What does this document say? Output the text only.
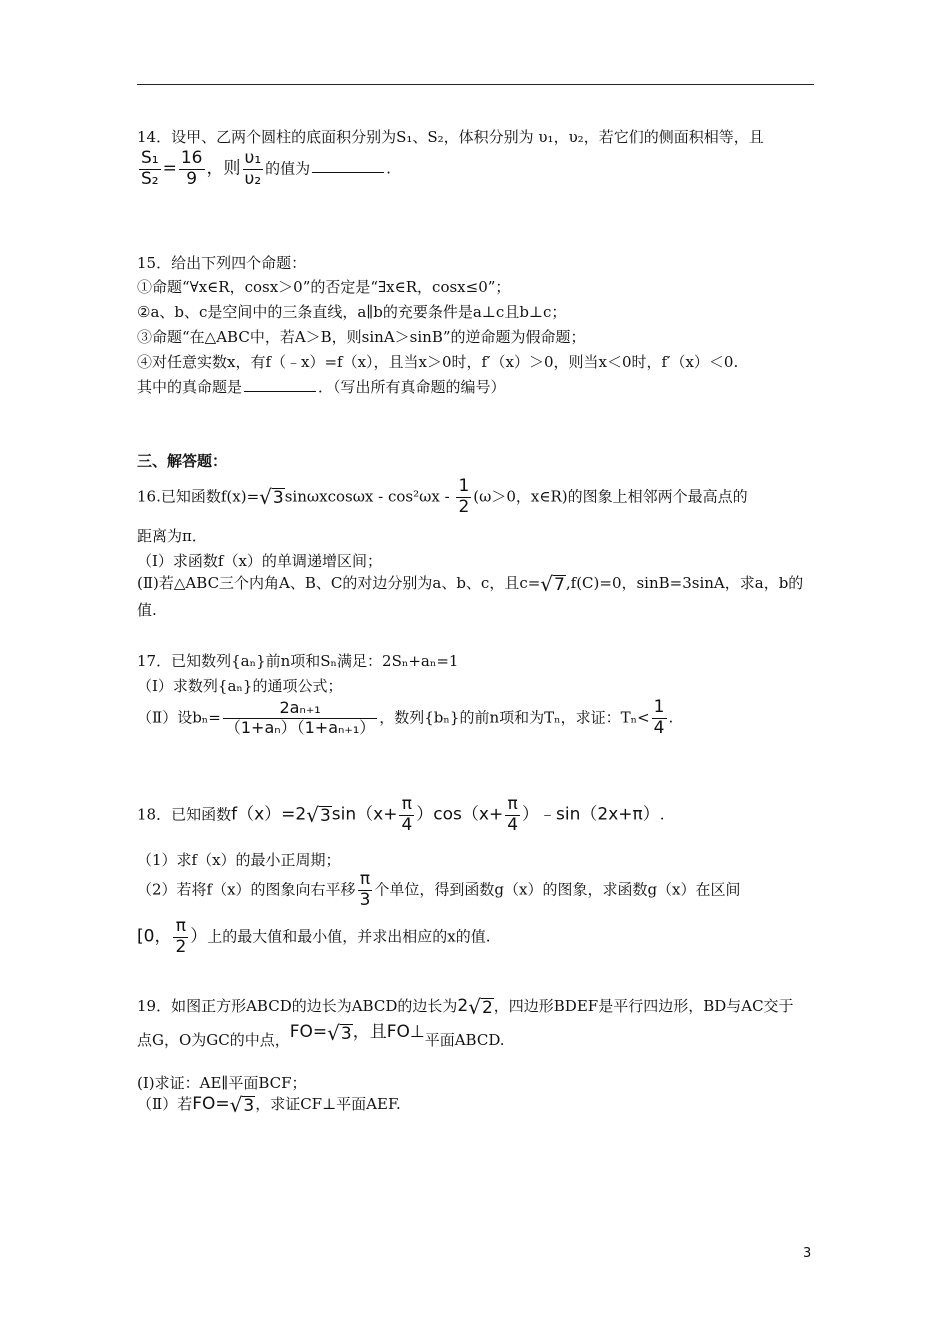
14．设甲、乙两个圆柱的底面积分别为S₁、S₂，体积分别为 υ₁，υ₂，若它们的侧面积相等，且
$\frac{\text{S₁}}{\text{S₂}} = \frac{16}{9}$ ，则 $\frac{\text{υ₁}}{\text{υ₂}}$ 的值为	.
15．给出下列四个命题：
①命题“∀x∈R，cosx＞0”的否定是“∃x∈R，cosx≤0”；
②a、b、c是空间中的三条直线，a∥b的充要条件是a⊥c且b⊥c；
③命题“在△ABC中，若A＞B，则sinA＞sinB”的逆命题为假命题；
④对任意实数x，有f（﹣x）=f（x），且当x＞0时，f′（x）＞0，则当x＜0时，f′（x）＜0.
其中的真命题是	．（写出所有真命题的编号）
三、解答题：
16.已知函数f(x)= √ 3 $\sin\omega xcos\omega x - \cos^2\omega x - \frac{1}{2} (\omega>0$，x∈R)的图象上相邻两个最高点的
距离为π．
（Ⅰ）求函数f（x）的单调递增区间；
(Ⅱ)若△ABC三个内角A、B、C的对边分别为a、b、c，且c= √ 7 ,f(C)=0，sinB=3sinA，求a，b的
值.
17．已知数列{aₙ}前n项和Sₙ满足：2Sₙ+aₙ=1
（Ⅰ）求数列{aₙ}的通项公式；
（Ⅱ）设$b_n= \frac{\text{2aₙ₊₁}}{\text{（1+aₙ）（1+aₙ₊₁）}}$ ，数列{bₙ}的前n项和为Tₙ，求证：$T_n< \frac{1}{4}$ .
18．已知函数f（x）=2 √ 3 $\sin(x+ \frac{\pi}{4} )\cos(x+ \frac{\pi}{4}$ ）﹣sin（2x+π）.
（1）求f（x）的最小正周期；
（2）若将f（x）的图象向右平移 $\frac{\pi}{3}$ 个单位，得到函数g（x）的图象，求函数g（x）在区间
[0， $\frac{\pi}{2}$ ）上的最大值和最小值，并求出相应的x的值.
19．如图正方形ABCD的边长为ABCD的边长为2 √ 2 ，四边形BDEF是平行四边形，BD与AC交于
点G，O为GC的中点，FO= √ 3 ，且FO⊥平面ABCD.
(Ⅰ)求证：AE∥平面BCF；
（Ⅱ）若FO= √ 3 ，求证CF⊥平面AEF.
3
